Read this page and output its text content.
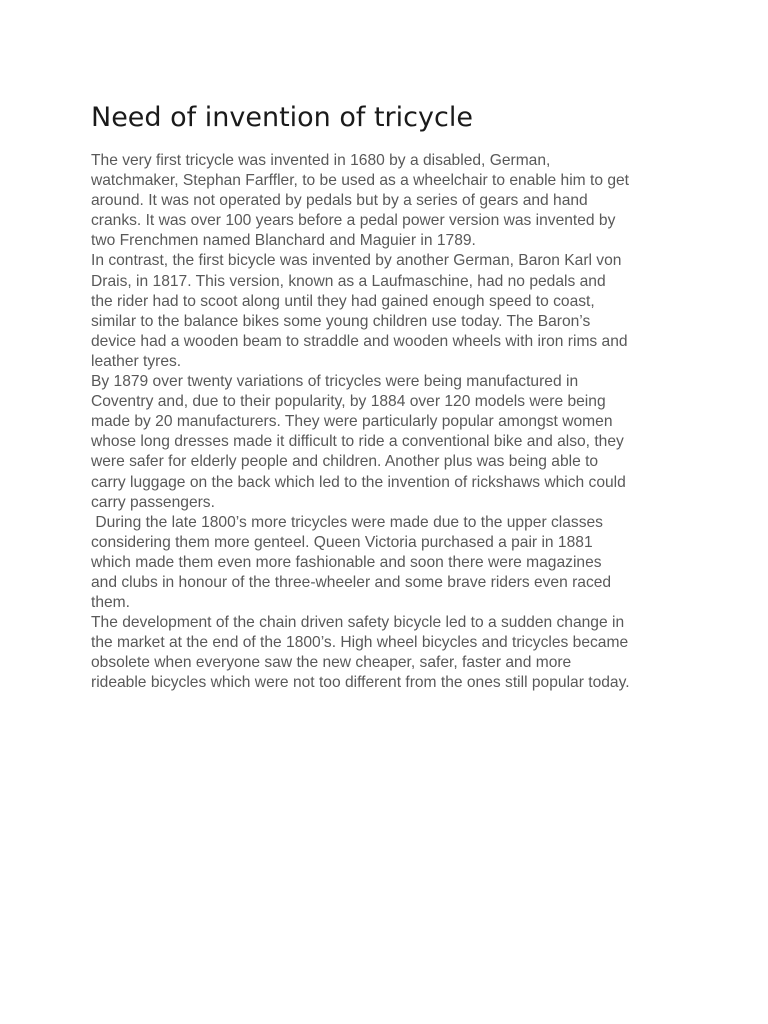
Need of invention of tricycle
The very first tricycle was invented in 1680 by a disabled, German,
watchmaker, Stephan Farffler, to be used as a wheelchair to enable him to get
around. It was not operated by pedals but by a series of gears and hand
cranks. It was over 100 years before a pedal power version was invented by
two Frenchmen named Blanchard and Maguier in 1789.
In contrast, the first bicycle was invented by another German, Baron Karl von
Drais, in 1817. This version, known as a Laufmaschine, had no pedals and
the rider had to scoot along until they had gained enough speed to coast,
similar to the balance bikes some young children use today. The Baron’s
device had a wooden beam to straddle and wooden wheels with iron rims and
leather tyres.
By 1879 over twenty variations of tricycles were being manufactured in
Coventry and, due to their popularity, by 1884 over 120 models were being
made by 20 manufacturers. They were particularly popular amongst women
whose long dresses made it difficult to ride a conventional bike and also, they
were safer for elderly people and children. Another plus was being able to
carry luggage on the back which led to the invention of rickshaws which could
carry passengers.
During the late 1800’s more tricycles were made due to the upper classes
considering them more genteel. Queen Victoria purchased a pair in 1881
which made them even more fashionable and soon there were magazines
and clubs in honour of the three-wheeler and some brave riders even raced
them.
The development of the chain driven safety bicycle led to a sudden change in
the market at the end of the 1800’s. High wheel bicycles and tricycles became
obsolete when everyone saw the new cheaper, safer, faster and more
rideable bicycles which were not too different from the ones still popular today.
